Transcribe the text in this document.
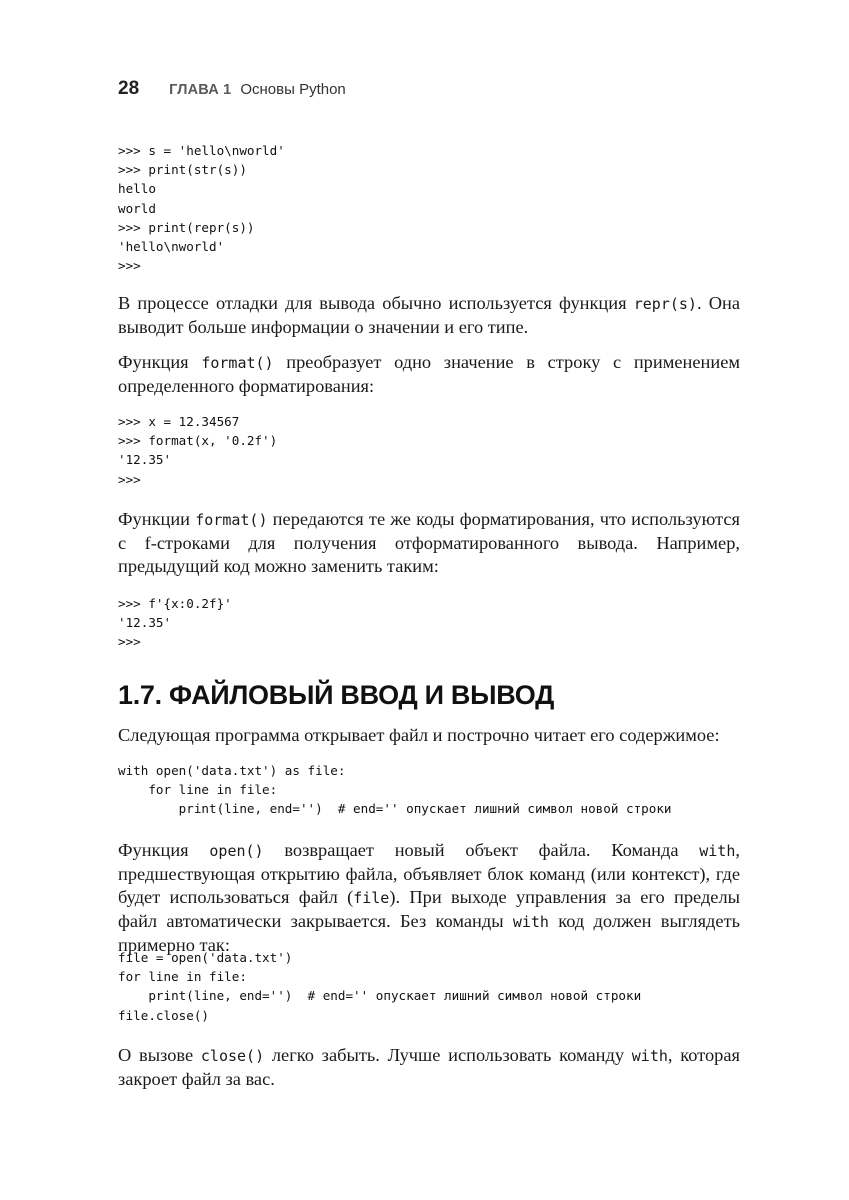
28 ГЛАВА 1 Основы Python
>>> s = 'hello\nworld'
>>> print(str(s))
hello
world
>>> print(repr(s))
'hello\nworld'
>>>

В процессе отладки для вывода обычно используется функция repr(s). Она выводит больше информации о значении и его типе.

Функция format() преобразует одно значение в строку с применением определенного форматирования:

>>> x = 12.34567
>>> format(x, '0.2f')
'12.35'
>>>

Функции format() передаются те же коды форматирования, что используются с f-строками для получения отформатированного вывода. Например, предыдущий код можно заменить таким:

>>> f'{x:0.2f}'
'12.35'
>>>
1.7. ФАЙЛОВЫЙ ВВОД И ВЫВОД

Следующая программа открывает файл и построчно читает его содержимое:

with open('data.txt') as file:
for line in file:
print(line, end='')  # end='' опускает лишний символ новой строки

Функция open() возвращает новый объект файла. Команда with, предшествующая открытию файла, объявляет блок команд (или контекст), где будет использоваться файл (file). При выходе управления за его пределы файл автоматически закрывается. Без команды with код должен выглядеть примерно так:

file = open('data.txt')
for line in file:
print(line, end='')  # end='' опускает лишний символ новой строки
file.close()

О вызове close() легко забыть. Лучше использовать команду with, которая закроет файл за вас.
